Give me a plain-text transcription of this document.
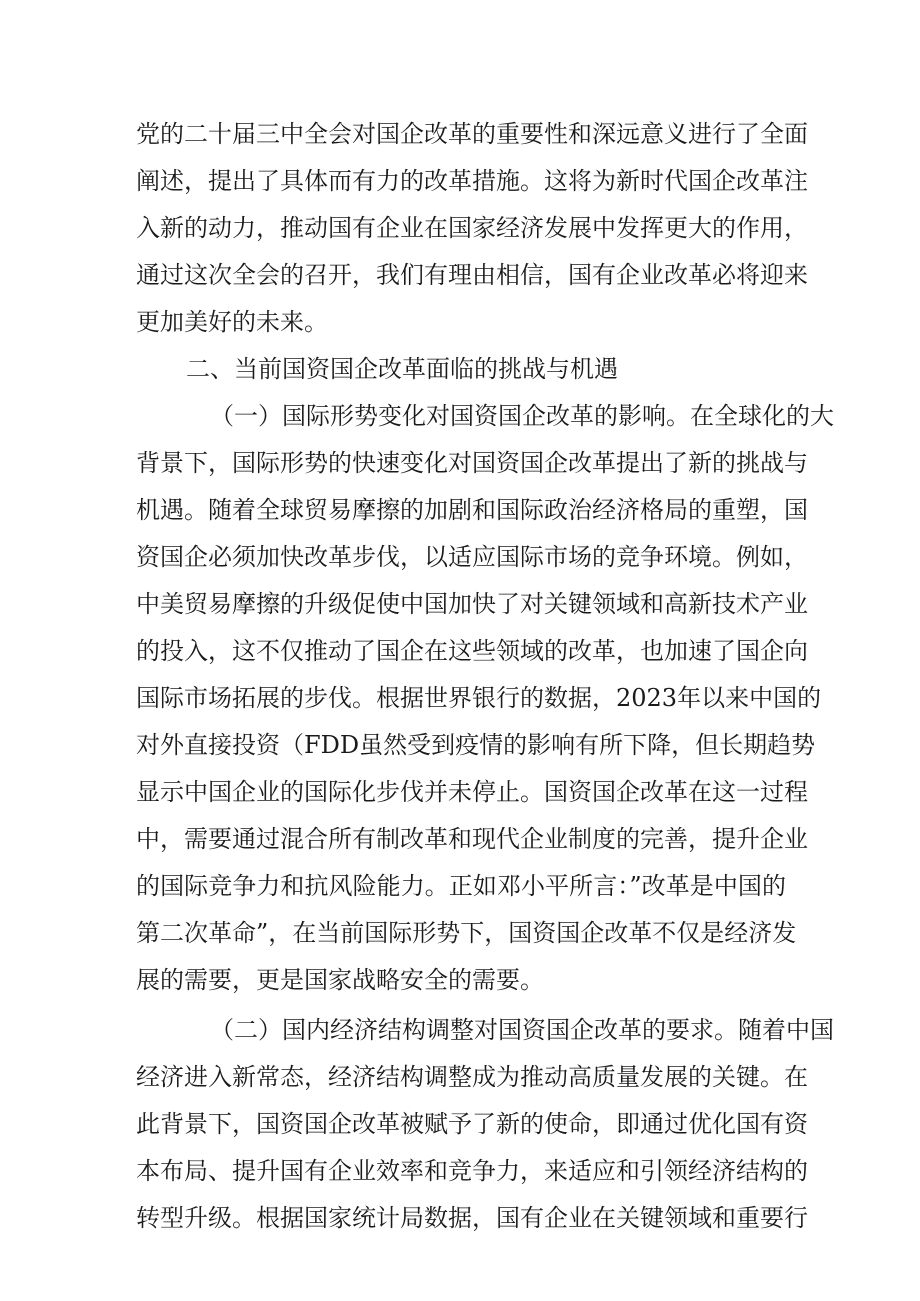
党的二十届三中全会对国企改革的重要性和深远意义进行了全面
阐述，提出了具体而有力的改革措施。这将为新时代国企改革注
入新的动力，推动国有企业在国家经济发展中发挥更大的作用，
通过这次全会的召开，我们有理由相信，国有企业改革必将迎来
更加美好的未来。
二、当前国资国企改革面临的挑战与机遇
（一）国际形势变化对国资国企改革的影响。在全球化的大
背景下，国际形势的快速变化对国资国企改革提出了新的挑战与
机遇。随着全球贸易摩擦的加剧和国际政治经济格局的重塑，国
资国企必须加快改革步伐，以适应国际市场的竞争环境。例如，
中美贸易摩擦的升级促使中国加快了对关键领域和高新技术产业
的投入，这不仅推动了国企在这些领域的改革，也加速了国企向
国际市场拓展的步伐。根据世界银行的数据，2023年以来中国的
对外直接投资（FDD虽然受到疫情的影响有所下降，但长期趋势
显示中国企业的国际化步伐并未停止。国资国企改革在这一过程
中，需要通过混合所有制改革和现代企业制度的完善，提升企业
的国际竞争力和抗风险能力。正如邓小平所言：”改革是中国的
第二次革命”，在当前国际形势下，国资国企改革不仅是经济发
展的需要，更是国家战略安全的需要。
（二）国内经济结构调整对国资国企改革的要求。随着中国
经济进入新常态，经济结构调整成为推动高质量发展的关键。在
此背景下，国资国企改革被赋予了新的使命，即通过优化国有资
本布局、提升国有企业效率和竞争力，来适应和引领经济结构的
转型升级。根据国家统计局数据，国有企业在关键领域和重要行
